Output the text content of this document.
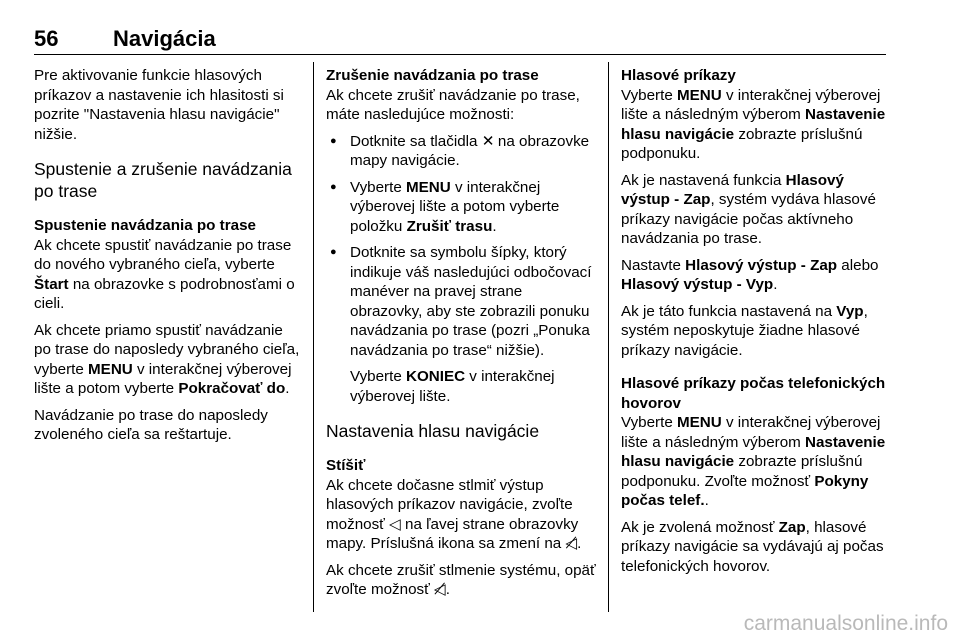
56 Navigácia

Pre aktivovanie funkcie hlasových príkazov a nastavenie ich hlasitosti si pozrite "Nastavenia hlasu navigácie" nižšie.

Spustenie a zrušenie navádzania po trase
Spustenie navádzania po trase

Ak chcete spustiť navádzanie po trase do nového vybraného cieľa, vyberte Štart na obrazovke s podrobnosťami o cieli.

Ak chcete priamo spustiť navádzanie po trase do naposledy vybraného cieľa, vyberte MENU v interakčnej výberovej lište a potom vyberte Pokračovať do.

Navádzanie po trase do naposledy zvoleného cieľa sa reštartuje.

Zrušenie navádzania po trase

Ak chcete zrušiť navádzanie po trase, máte nasledujúce možnosti:

● Dotknite sa tlačidla ✕ na obrazovke mapy navigácie.
● Vyberte MENU v interakčnej výberovej lište a potom vyberte položku Zrušiť trasu.
● Dotknite sa symbolu šípky, ktorý indikuje váš nasledujúci odbočovací manéver na pravej strane obrazovky, aby ste zobrazili ponuku navádzania po trase (pozri „Ponuka navádzania po trase“ nižšie).

Vyberte KONIEC v interakčnej výberovej lište.

Nastavenia hlasu navigácie
Stíšiť

Ak chcete dočasne stlmiť výstup hlasových príkazov navigácie, zvoľte možnosť ◁ na ľavej strane obrazovky mapy. Príslušná ikona sa zmení na ◁̸.

Ak chcete zrušiť stlmenie systému, opäť zvoľte možnosť ◁̸.

Hlasové príkazy

Vyberte MENU v interakčnej výberovej lište a následným výberom Nastavenie hlasu navigácie zobrazte príslušnú podponuku.

Ak je nastavená funkcia Hlasový výstup - Zap, systém vydáva hlasové príkazy navigácie počas aktívneho navádzania po trase.

Nastavte Hlasový výstup - Zap alebo Hlasový výstup - Vyp.

Ak je táto funkcia nastavená na Vyp, systém neposkytuje žiadne hlasové príkazy navigácie.

Hlasové príkazy počas telefonických hovorov

Vyberte MENU v interakčnej výberovej lište a následným výberom Nastavenie hlasu navigácie zobrazte príslušnú podponuku. Zvoľte možnosť Pokyny počas telef..

Ak je zvolená možnosť Zap, hlasové príkazy navigácie sa vydávajú aj počas telefonických hovorov.

carmanualsonline.info
